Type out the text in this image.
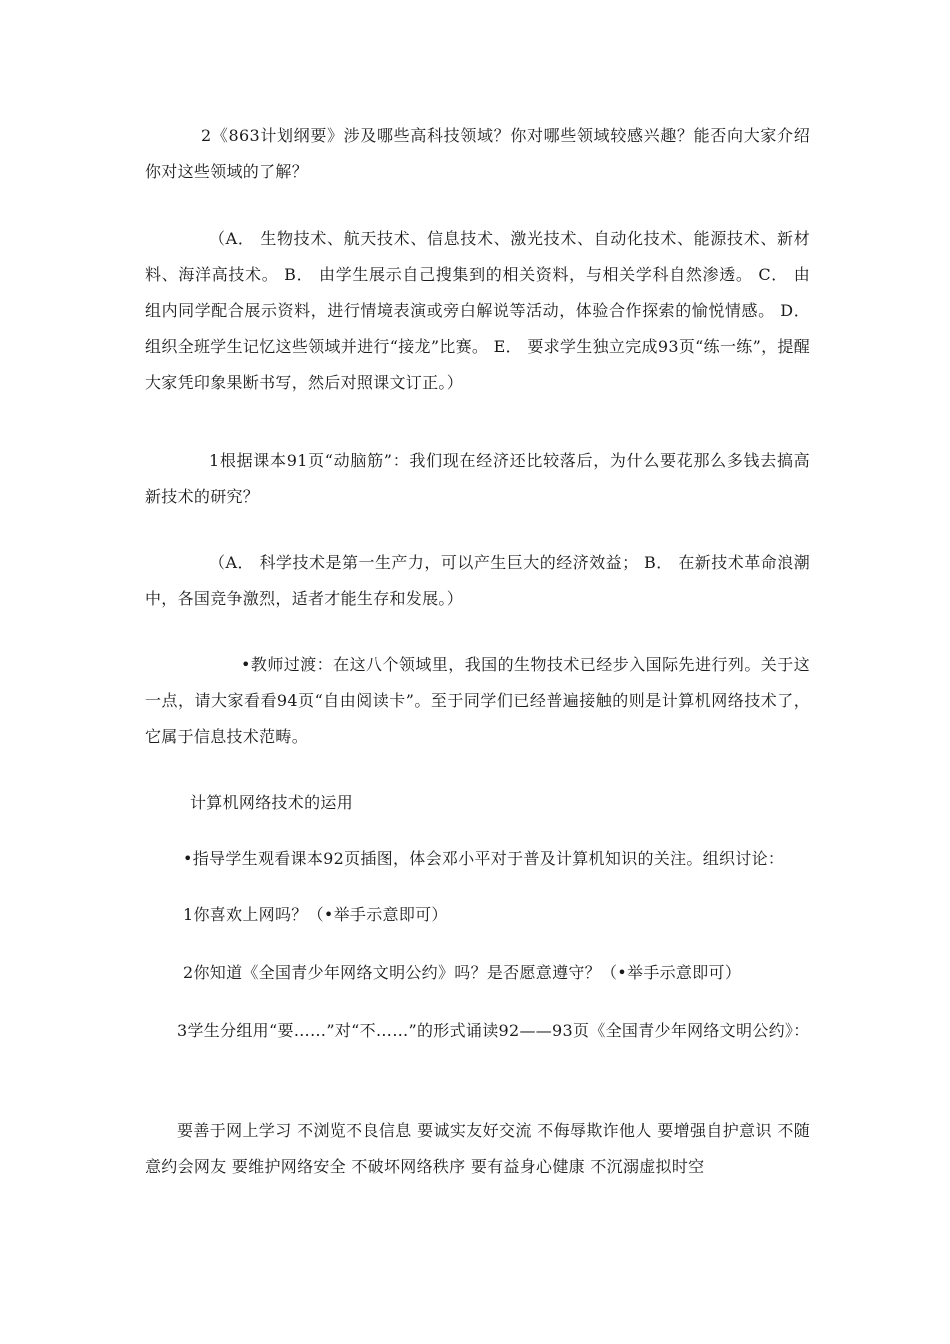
2《863计划纲要》涉及哪些高科技领域？你对哪些领域较感兴趣？能否向大家介绍你对这些领域的了解？

（A． 生物技术、航天技术、信息技术、激光技术、自动化技术、能源技术、新材料、海洋高技术。 B． 由学生展示自己搜集到的相关资料，与相关学科自然渗透。 C． 由组内同学配合展示资料，进行情境表演或旁白解说等活动，体验合作探索的愉悦情感。 D． 组织全班学生记忆这些领域并进行“接龙”比赛。 E． 要求学生独立完成93页“练一练”，提醒大家凭印象果断书写，然后对照课文订正。）

1根据课本91页“动脑筋”：我们现在经济还比较落后，为什么要花那么多钱去搞高新技术的研究？

（A． 科学技术是第一生产力，可以产生巨大的经济效益； B． 在新技术革命浪潮中，各国竞争激烈，适者才能生存和发展。）

•教师过渡：在这八个领域里，我国的生物技术已经步入国际先进行列。关于这一点，请大家看看94页“自由阅读卡”。至于同学们已经普遍接触的则是计算机网络技术了，它属于信息技术范畴。

计算机网络技术的运用

•指导学生观看课本92页插图，体会邓小平对于普及计算机知识的关注。组织讨论：

1你喜欢上网吗？（•举手示意即可）

2你知道《全国青少年网络文明公约》吗？是否愿意遵守？（•举手示意即可）

3学生分组用“要……”对“不……”的形式诵读92——93页《全国青少年网络文明公约》：

要善于网上学习 不浏览不良信息 要诚实友好交流 不侮辱欺诈他人 要增强自护意识 不随意约会网友 要维护网络安全 不破坏网络秩序 要有益身心健康 不沉溺虚拟时空
